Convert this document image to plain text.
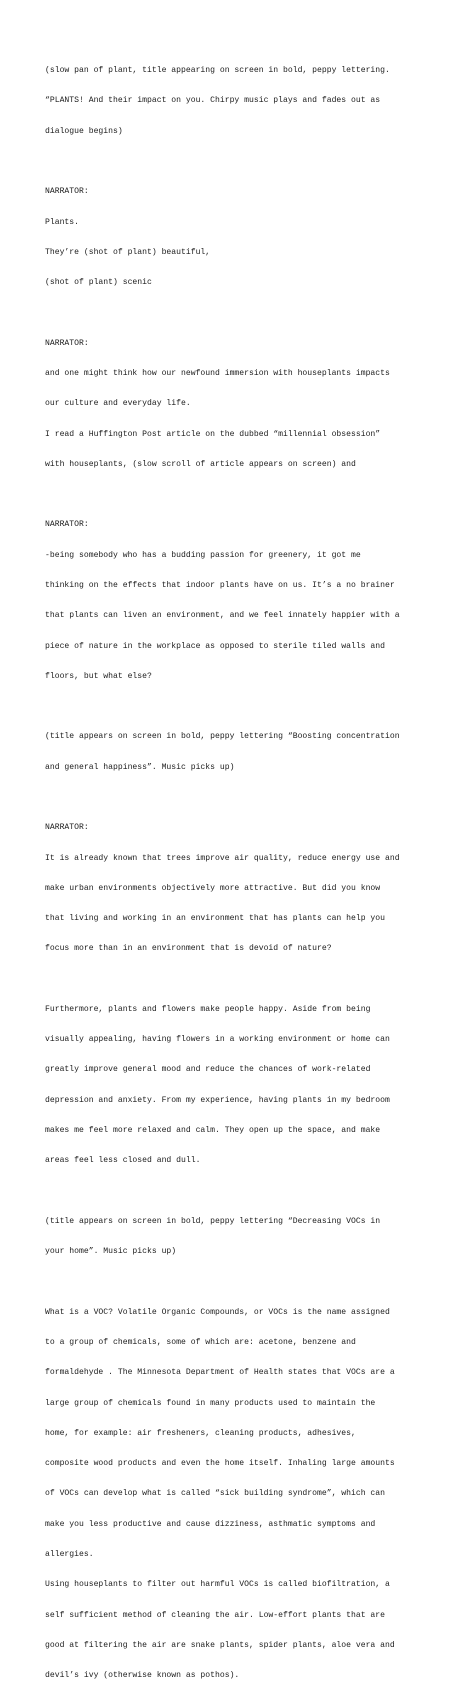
(slow pan of plant, title appearing on screen in bold, peppy lettering.

“PLANTS! And their impact on you. Chirpy music plays and fades out as

dialogue begins)

NARRATOR:

Plants.

They’re (shot of plant) beautiful,

(shot of plant) scenic

NARRATOR:

and one might think how our newfound immersion with houseplants impacts

our culture and everyday life.

I read a Huffington Post article on the dubbed “millennial obsession”

with houseplants, (slow scroll of article appears on screen) and

NARRATOR:

-being somebody who has a budding passion for greenery, it got me

thinking on the effects that indoor plants have on us. It’s a no brainer

that plants can liven an environment, and we feel innately happier with a

piece of nature in the workplace as opposed to sterile tiled walls and

floors, but what else?

(title appears on screen in bold, peppy lettering “Boosting concentration

and general happiness”. Music picks up)

NARRATOR:

It is already known that trees improve air quality, reduce energy use and

make urban environments objectively more attractive. But did you know

that living and working in an environment that has plants can help you

focus more than in an environment that is devoid of nature?

Furthermore, plants and flowers make people happy. Aside from being

visually appealing, having flowers in a working environment or home can

greatly improve general mood and reduce the chances of work-related

depression and anxiety. From my experience, having plants in my bedroom

makes me feel more relaxed and calm. They open up the space, and make

areas feel less closed and dull.

(title appears on screen in bold, peppy lettering “Decreasing VOCs in

your home”. Music picks up)

What is a VOC? Volatile Organic Compounds, or VOCs is the name assigned

to a group of chemicals, some of which are: acetone, benzene and

formaldehyde . The Minnesota Department of Health states that VOCs are a

large group of chemicals found in many products used to maintain the

home, for example: air fresheners, cleaning products, adhesives,

composite wood products and even the home itself. Inhaling large amounts

of VOCs can develop what is called “sick building syndrome”, which can

make you less productive and cause dizziness, asthmatic symptoms and

allergies.

Using houseplants to filter out harmful VOCs is called biofiltration, a

self sufficient method of cleaning the air. Low-effort plants that are

good at filtering the air are snake plants, spider plants, aloe vera and

devil’s ivy (otherwise known as pothos).
